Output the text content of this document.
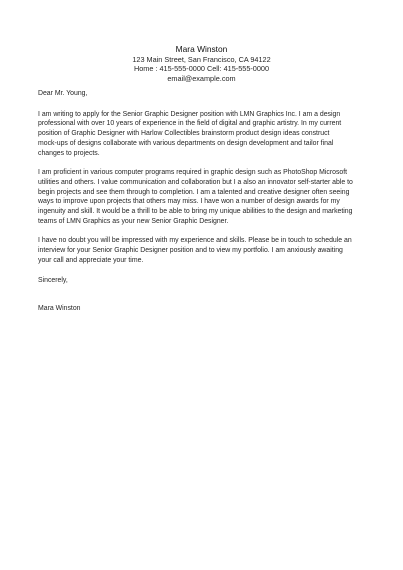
Mara Winston
123 Main Street, San Francisco, CA 94122
Home : 415-555-0000 Cell: 415-555-0000
email@example.com
Dear Mr. Young,
I am writing to apply for the Senior Graphic Designer position with LMN Graphics Inc. I am a design
professional with over 10 years of experience in the field of digital and graphic artistry. In my current
position of Graphic Designer with Harlow Collectibles brainstorm product design ideas construct
mock-ups of designs collaborate with various departments on design development and tailor final
changes to projects.
I am proficient in various computer programs required in graphic design such as PhotoShop Microsoft
utilities and others. I value communication and collaboration but I a also an innovator self-starter able to
begin projects and see them through to completion. I am a talented and creative designer often seeing
ways to improve upon projects that others may miss. I have won a number of design awards for my
ingenuity and skill. It would be a thrill to be able to bring my unique abilities to the design and marketing
teams of LMN Graphics as your new Senior Graphic Designer.
I have no doubt you will be impressed with my experience and skills. Please be in touch to schedule an
interview for your Senior Graphic Designer position and to view my portfolio. I am anxiously awaiting
your call and appreciate your time.
Sincerely,
Mara Winston
